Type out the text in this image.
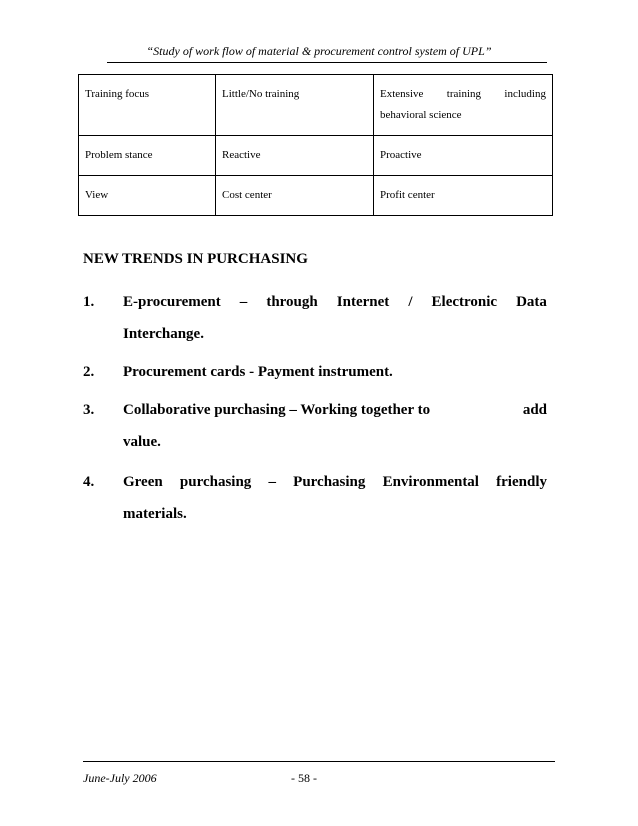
“Study of work flow of material & procurement control system of UPL”
Training focus	Little/No training	Extensive training including
behavioral science

Problem stance	Reactive	Proactive
View	Cost center	Profit center
NEW TRENDS IN PURCHASING
1. E-procurement – through Internet / Electronic Data
Interchange.
2. Procurement cards - Payment instrument.
3. Collaborative purchasing – Working together to	add
value.
4. Green purchasing – Purchasing Environmental friendly
materials.
June-July 2006	- 58 -
